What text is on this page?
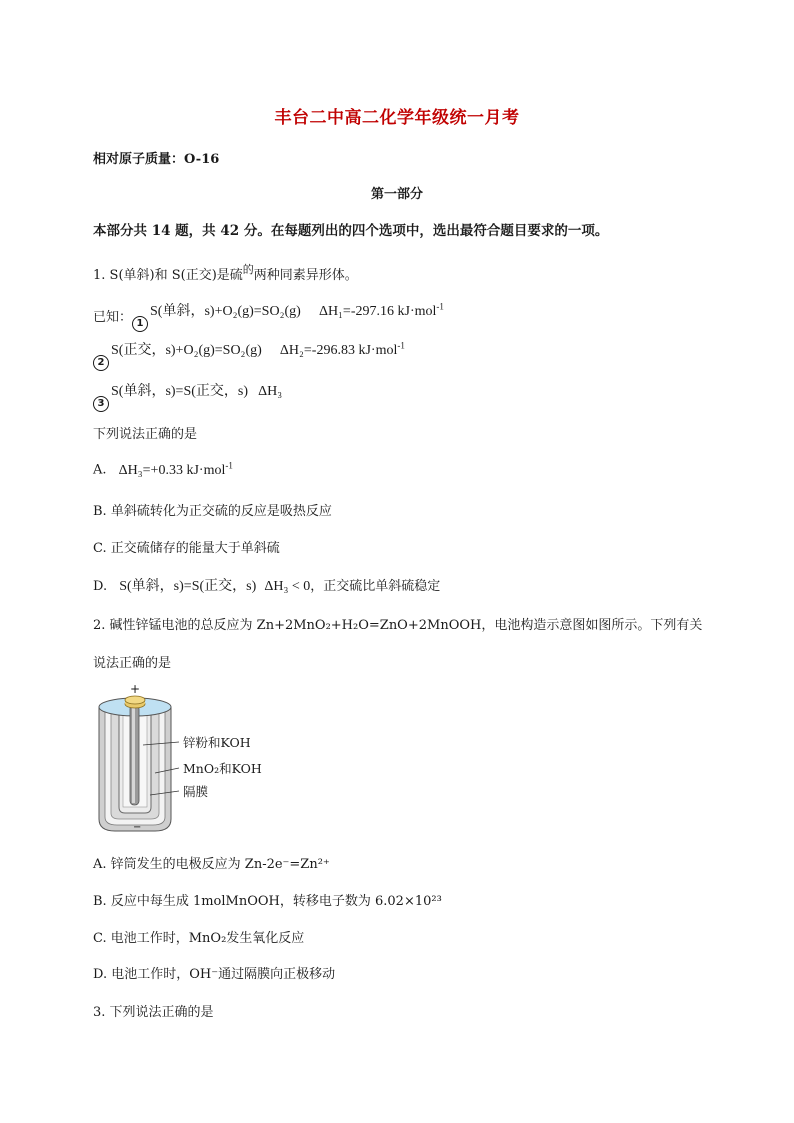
丰台二中高二化学年级统一月考
相对原子质量：O-16
第一部分
本部分共 14 题，共 42 分。在每题列出的四个选项中，选出最符合题目要求的一项。
1. S(单斜)和 S(正交)是硫$^的$两种同素异形体。
已知： 1S(单斜，s)+O₂(g)=SO₂(g) ΔH₁=-297.16 kJ·mol$^{-1}$
2S(正交，s)+O₂(g)=SO₂(g) ΔH₂=-296.83 kJ·mol$^{-1}$
3S(单斜，s)=S(正交，s) ΔH₃
下列说法正确的是
A. ΔH₃=+0.33 kJ·mol$^{-1}$
B. 单斜硫转化为正交硫的反应是吸热反应
C. 正交硫储存的能量大于单斜硫
D. S(单斜，s)=S(正交，s) ΔH₃ < 0，正交硫比单斜硫稳定
2. 碱性锌锰电池的总反应为 Zn+2MnO₂+H₂O=ZnO+2MnOOH，电池构造示意图如图所示。下列有关
说法正确的是
+
−
锌粉和KOH
MnO₂和KOH
隔膜
A. 锌筒发生的电极反应为 Zn-2e⁻=Zn²⁺
B. 反应中每生成 1molMnOOH，转移电子数为 6.02×10²³
C. 电池工作时，MnO₂发生氧化反应
D. 电池工作时，OH⁻通过隔膜向正极移动
3. 下列说法正确的是
